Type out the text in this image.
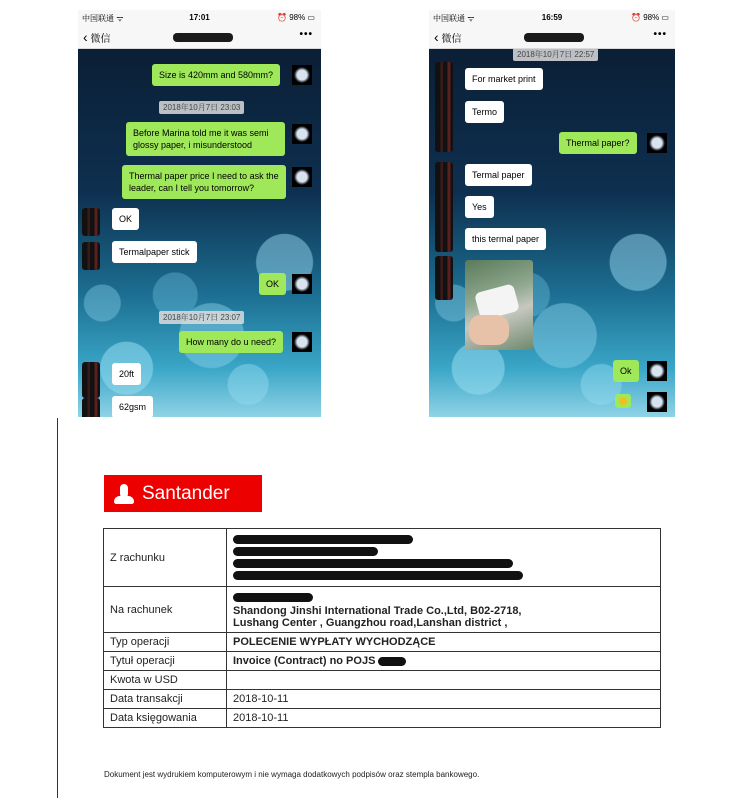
中国联通 ᯤ	17:01	⏰ 98% ▭
‹ 微信	•••
Size is 420mm and 580mm?
2018年10月7日 23:03
Before Marina told me it was semi glossy paper, i misunderstood
Thermal paper price I need to ask the leader, can I tell you tomorrow?
OK
Termalpaper stick
OK
2018年10月7日 23:07
How many do u need?
20ft
62gsm
中国联通 ᯤ	16:59	⏰ 98% ▭
‹ 微信	•••
2018年10月7日 22:57
For market print
Termo
Thermal paper?
Termal paper
Yes
this termal paper
Ok
Santander
Z rachunku	

Na rachunek	Shandong Jinshi International Trade Co.,Ltd, B02-2718,
Lushang Center , Guangzhou road,Lanshan district ,

Typ operacji	POLECENIE WYPŁATY WYCHODZĄCE
Tytuł operacji	Invoice (Contract) no POJS
Kwota w USD	
Data transakcji	2018-10-11
Data księgowania	2018-10-11
Dokument jest wydrukiem komputerowym i nie wymaga dodatkowych podpisów oraz stempla bankowego.
